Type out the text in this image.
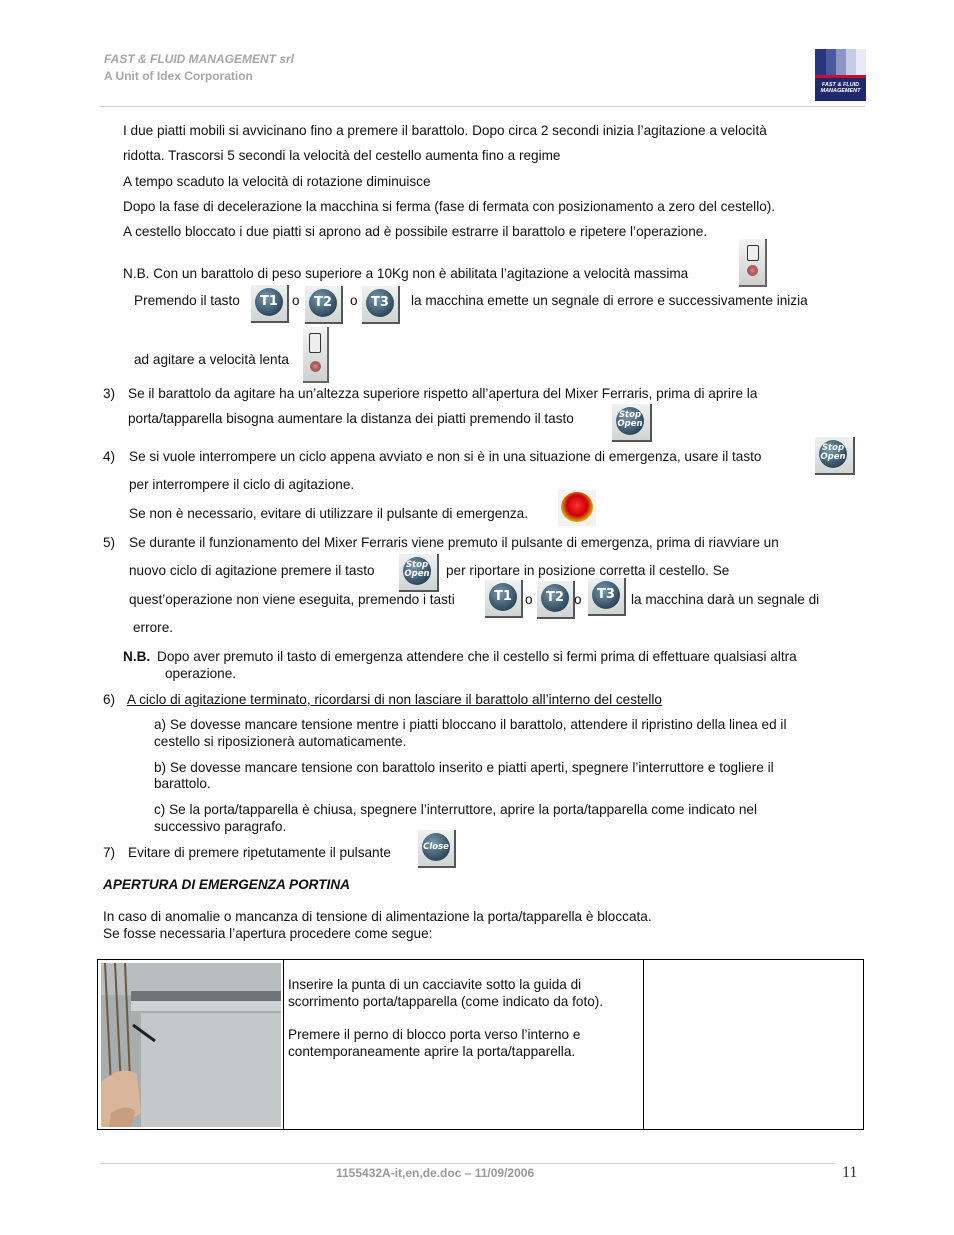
FAST & FLUID MANAGEMENT srl
A Unit of Idex Corporation
FAST & FLUID MANAGEMENT
I due piatti mobili si avvicinano fino a premere il barattolo. Dopo circa 2 secondi inizia l’agitazione a velocità
ridotta. Trascorsi 5 secondi la velocità del cestello aumenta fino a regime
A tempo scaduto la velocità di rotazione diminuisce
Dopo la fase di decelerazione la macchina si ferma (fase di fermata con posizionamento a zero del cestello).
A cestello bloccato i due piatti si aprono ad è possibile estrarre il barattolo e ripetere l’operazione.
N.B. Con un barattolo di peso superiore a 10Kg non è abilitata l’agitazione a velocità massima
Premendo il tasto	T1	o	T2	o	T3	la macchina emette un segnale di errore e successivamente inizia
ad agitare a velocità lenta
3) Se il barattolo da agitare ha un’altezza superiore rispetto all’apertura del Mixer Ferraris, prima di aprire la
porta/tapparella bisogna aumentare la distanza dei piatti premendo il tasto	Stop
Open
4) Se si vuole interrompere un ciclo appena avviato e non si è in una situazione di emergenza, usare il tasto
Stop
Open
per interrompere il ciclo di agitazione.
Se non è necessario, evitare di utilizzare il pulsante di emergenza.
5) Se durante il funzionamento del Mixer Ferraris viene premuto il pulsante di emergenza, prima di riavviare un
nuovo ciclo di agitazione premere il tasto	Stop
Open per riportare in posizione corretta il cestello. Se
quest’operazione non viene eseguita, premendo i tasti	T1 o	T2 o	T3	la macchina darà un segnale di
errore.
N.B. Dopo aver premuto il tasto di emergenza attendere che il cestello si fermi prima di effettuare qualsiasi altra
operazione.
6) A ciclo di agitazione terminato, ricordarsi di non lasciare il barattolo all’interno del cestello
a) Se dovesse mancare tensione mentre i piatti bloccano il barattolo, attendere il ripristino della linea ed il
cestello si riposizionerà automaticamente.
b) Se dovesse mancare tensione con barattolo inserito e piatti aperti, spegnere l’interruttore e togliere il
barattolo.
c) Se la porta/tapparella è chiusa, spegnere l’interruttore, aprire la porta/tapparella come indicato nel
successivo paragrafo.
7) Evitare di premere ripetutamente il pulsante	Close
APERTURA DI EMERGENZA PORTINA
In caso di anomalie o mancanza di tensione di alimentazione la porta/tapparella è bloccata.
Se fosse necessaria l’apertura procedere come segue:
Inserire la punta di un cacciavite sotto la guida di
scorrimento porta/tapparella (come indicato da foto).
Premere il perno di blocco porta verso l’interno e
contemporaneamente aprire la porta/tapparella.
1155432A-it,en,de.doc – 11/09/2006	11
